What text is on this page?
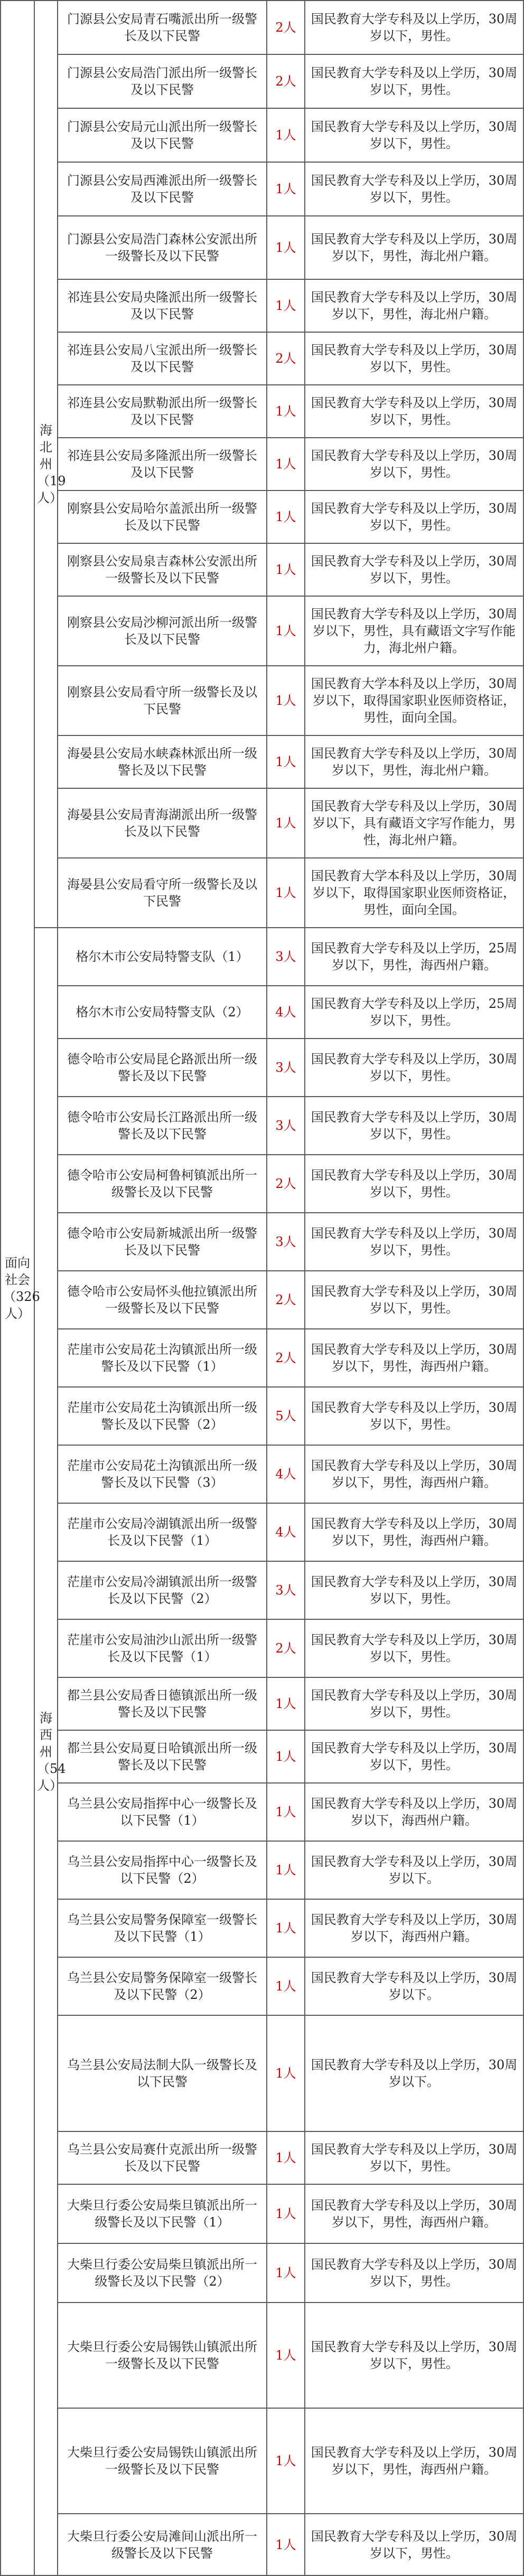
面向社会（326人）	海北州（19人）	门源县公安局青石嘴派出所一级警长及以下民警	2人	国民教育大学专科及以上学历，30周岁以下，男性。
		门源县公安局浩门派出所一级警长及以下民警	2人	国民教育大学专科及以上学历，30周岁以下，男性。
		门源县公安局元山派出所一级警长及以下民警	1人	国民教育大学专科及以上学历，30周岁以下，男性。
		门源县公安局西滩派出所一级警长及以下民警	1人	国民教育大学专科及以上学历，30周岁以下，男性。
		门源县公安局浩门森林公安派出所一级警长及以下民警	1人	国民教育大学专科及以上学历，30周岁以下，男性，海北州户籍。
		祁连县公安局央隆派出所一级警长及以下民警	1人	国民教育大学专科及以上学历，30周岁以下，男性，海北州户籍。
		祁连县公安局八宝派出所一级警长及以下民警	2人	国民教育大学专科及以上学历，30周岁以下，男性。
		祁连县公安局默勒派出所一级警长及以下民警	1人	国民教育大学专科及以上学历，30周岁以下，男性。
		祁连县公安局多隆派出所一级警长及以下民警	1人	国民教育大学专科及以上学历，30周岁以下，男性。
		刚察县公安局哈尔盖派出所一级警长及以下民警	1人	国民教育大学专科及以上学历，30周岁以下，男性。
		刚察县公安局泉吉森林公安派出所一级警长及以下民警	1人	国民教育大学专科及以上学历，30周岁以下，男性。
		刚察县公安局沙柳河派出所一级警长及以下民警	1人	国民教育大学专科及以上学历，30周岁以下，男性，具有藏语文字写作能力，海北州户籍。
		刚察县公安局看守所一级警长及以下民警	1人	国民教育大学本科及以上学历，30周岁以下，取得国家职业医师资格证，男性，面向全国。
		海晏县公安局水峡森林派出所一级警长及以下民警	1人	国民教育大学专科及以上学历，30周岁以下，男性，海北州户籍。
		海晏县公安局青海湖派出所一级警长及以下民警	1人	国民教育大学专科及以上学历，30周岁以下，具有藏语文字写作能力，男性，海北州户籍。
		海晏县公安局看守所一级警长及以下民警	1人	国民教育大学本科及以上学历，30周岁以下，取得国家职业医师资格证，男性，面向全国。
	海西州（54人）	格尔木市公安局特警支队（1）	3人	国民教育大学专科及以上学历，25周岁以下，男性，海西州户籍。
		格尔木市公安局特警支队（2）	4人	国民教育大学专科及以上学历，25周岁以下，男性。
		德令哈市公安局昆仑路派出所一级警长及以下民警	3人	国民教育大学专科及以上学历，30周岁以下，男性。
		德令哈市公安局长江路派出所一级警长及以下民警	3人	国民教育大学专科及以上学历，30周岁以下，男性。
		德令哈市公安局柯鲁柯镇派出所一级警长及以下民警	2人	国民教育大学专科及以上学历，30周岁以下，男性。
		德令哈市公安局新城派出所一级警长及以下民警	3人	国民教育大学专科及以上学历，30周岁以下，男性。
		德令哈市公安局怀头他拉镇派出所一级警长及以下民警	2人	国民教育大学专科及以上学历，30周岁以下，男性。
		茫崖市公安局花土沟镇派出所一级警长及以下民警（1）	2人	国民教育大学专科及以上学历，30周岁以下，男性，海西州户籍。
		茫崖市公安局花土沟镇派出所一级警长及以下民警（2）	5人	国民教育大学专科及以上学历，30周岁以下，男性。
		茫崖市公安局花土沟镇派出所一级警长及以下民警（3）	4人	国民教育大学专科及以上学历，30周岁以下，男性，海西州户籍。
		茫崖市公安局冷湖镇派出所一级警长及以下民警（1）	4人	国民教育大学专科及以上学历，30周岁以下，男性，海西州户籍。
		茫崖市公安局冷湖镇派出所一级警长及以下民警（2）	3人	国民教育大学专科及以上学历，30周岁以下，男性。
		茫崖市公安局油沙山派出所一级警长及以下民警（1）	2人	国民教育大学专科及以上学历，30周岁以下，男性。
		都兰县公安局香日德镇派出所一级警长及以下民警	1人	国民教育大学专科及以上学历，30周岁以下，男性。
		都兰县公安局夏日哈镇派出所一级警长及以下民警	1人	国民教育大学专科及以上学历，30周岁以下，男性。
		乌兰县公安局指挥中心一级警长及以下民警（1）	1人	国民教育大学专科及以上学历，30周岁以下，海西州户籍。
		乌兰县公安局指挥中心一级警长及以下民警（2）	1人	国民教育大学专科及以上学历，30周岁以下。
		乌兰县公安局警务保障室一级警长及以下民警（1）	1人	国民教育大学专科及以上学历，30周岁以下，海西州户籍。
		乌兰县公安局警务保障室一级警长及以下民警（2）	1人	国民教育大学专科及以上学历，30周岁以下。
		乌兰县公安局法制大队一级警长及以下民警	1人	国民教育大学专科及以上学历，30周岁以下。
		乌兰县公安局赛什克派出所一级警长及以下民警	1人	国民教育大学专科及以上学历，30周岁以下，男性。
		大柴旦行委公安局柴旦镇派出所一级警长及以下民警（1）	1人	国民教育大学专科及以上学历，30周岁以下，男性，海西州户籍。
		大柴旦行委公安局柴旦镇派出所一级警长及以下民警（2）	1人	国民教育大学专科及以上学历，30周岁以下，男性。
		大柴旦行委公安局锡铁山镇派出所一级警长及以下民警	1人	国民教育大学专科及以上学历，30周岁以下，男性。
		大柴旦行委公安局锡铁山镇派出所一级警长及以下民警	1人	国民教育大学专科及以上学历，30周岁以下，男性，海西州户籍。
		大柴旦行委公安局滩间山派出所一级警长及以下民警	1人	国民教育大学专科及以上学历，30周岁以下，男性。
